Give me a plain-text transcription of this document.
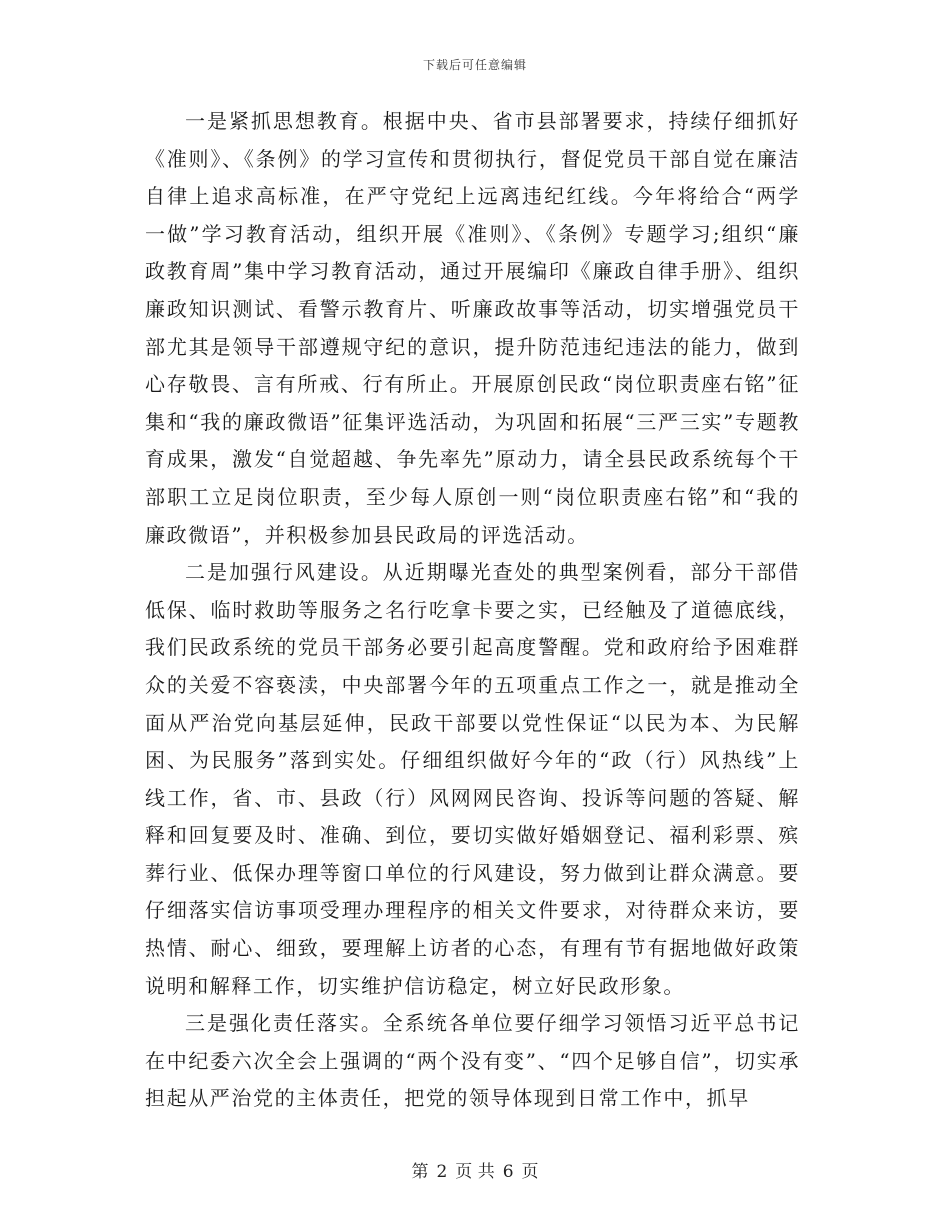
下载后可任意编辑

一是紧抓思想教育。根据中央、省市县部署要求，持续仔细抓好《准则》、《条例》的学习宣传和贯彻执行，督促党员干部自觉在廉洁自律上追求高标准，在严守党纪上远离违纪红线。今年将给合“两学一做”学习教育活动，组织开展《准则》、《条例》专题学习;组织“廉政教育周”集中学习教育活动，通过开展编印《廉政自律手册》、组织廉政知识测试、看警示教育片、听廉政故事等活动，切实增强党员干部尤其是领导干部遵规守纪的意识，提升防范违纪违法的能力，做到心存敬畏、言有所戒、行有所止。开展原创民政“岗位职责座右铭”征集和“我的廉政微语”征集评选活动，为巩固和拓展“三严三实”专题教育成果，激发“自觉超越、争先率先”原动力，请全县民政系统每个干部职工立足岗位职责，至少每人原创一则“岗位职责座右铭”和“我的廉政微语”，并积极参加县民政局的评选活动。

二是加强行风建设。从近期曝光查处的典型案例看，部分干部借低保、临时救助等服务之名行吃拿卡要之实，已经触及了道德底线，我们民政系统的党员干部务必要引起高度警醒。党和政府给予困难群众的关爱不容亵渎，中央部署今年的五项重点工作之一，就是推动全面从严治党向基层延伸，民政干部要以党性保证“以民为本、为民解困、为民服务”落到实处。仔细组织做好今年的“政（行）风热线”上线工作，省、市、县政（行）风网网民咨询、投诉等问题的答疑、解释和回复要及时、准确、到位，要切实做好婚姻登记、福利彩票、殡葬行业、低保办理等窗口单位的行风建设，努力做到让群众满意。要仔细落实信访事项受理办理程序的相关文件要求，对待群众来访，要热情、耐心、细致，要理解上访者的心态，有理有节有据地做好政策说明和解释工作，切实维护信访稳定，树立好民政形象。

三是强化责任落实。全系统各单位要仔细学习领悟习近平总书记在中纪委六次全会上强调的“两个没有变”、“四个足够自信”，切实承担起从严治党的主体责任，把党的领导体现到日常工作中，抓早

第 2 页 共 6 页
